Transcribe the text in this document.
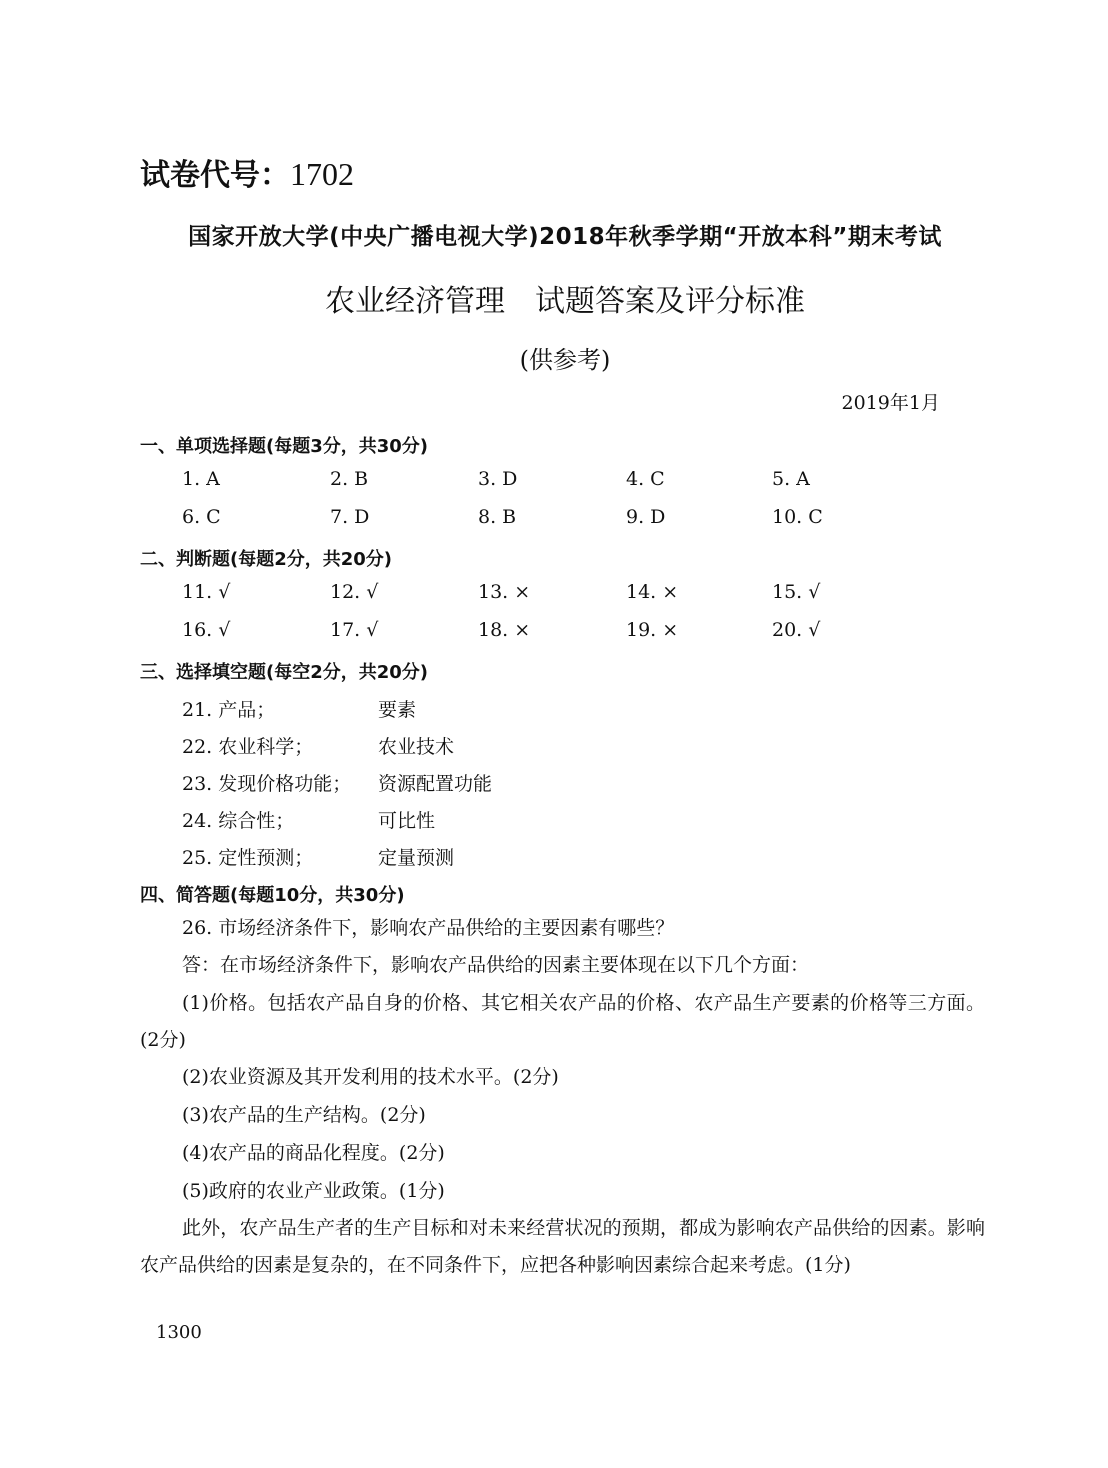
试卷代号：1702
国家开放大学(中央广播电视大学)2018年秋季学期“开放本科”期末考试
农业经济管理　试题答案及评分标准
(供参考)
2019年1月
一、单项选择题(每题3分，共30分)
1. A	2. B	3. D	4. C	5. A
6. C	7. D	8. B	9. D	10. C
二、判断题(每题2分，共20分)
11. √	12. √	13. ×	14. ×	15. √
16. √	17. √	18. ×	19. ×	20. √
三、选择填空题(每空2分，共20分)
21. 产品；	要素
22. 农业科学；	农业技术
23. 发现价格功能； 资源配置功能
24. 综合性；	可比性
25. 定性预测；	定量预测
四、简答题(每题10分，共30分)
26. 市场经济条件下，影响农产品供给的主要因素有哪些？
答：在市场经济条件下，影响农产品供给的因素主要体现在以下几个方面：
(1)价格。包括农产品自身的价格、其它相关农产品的价格、农产品生产要素的价格等三方面。(2分)
(2)农业资源及其开发利用的技术水平。(2分)
(3)农产品的生产结构。(2分)
(4)农产品的商品化程度。(2分)
(5)政府的农业产业政策。(1分)
此外，农产品生产者的生产目标和对未来经营状况的预期，都成为影响农产品供给的因素。影响农产品供给的因素是复杂的，在不同条件下，应把各种影响因素综合起来考虑。(1分)
1300
